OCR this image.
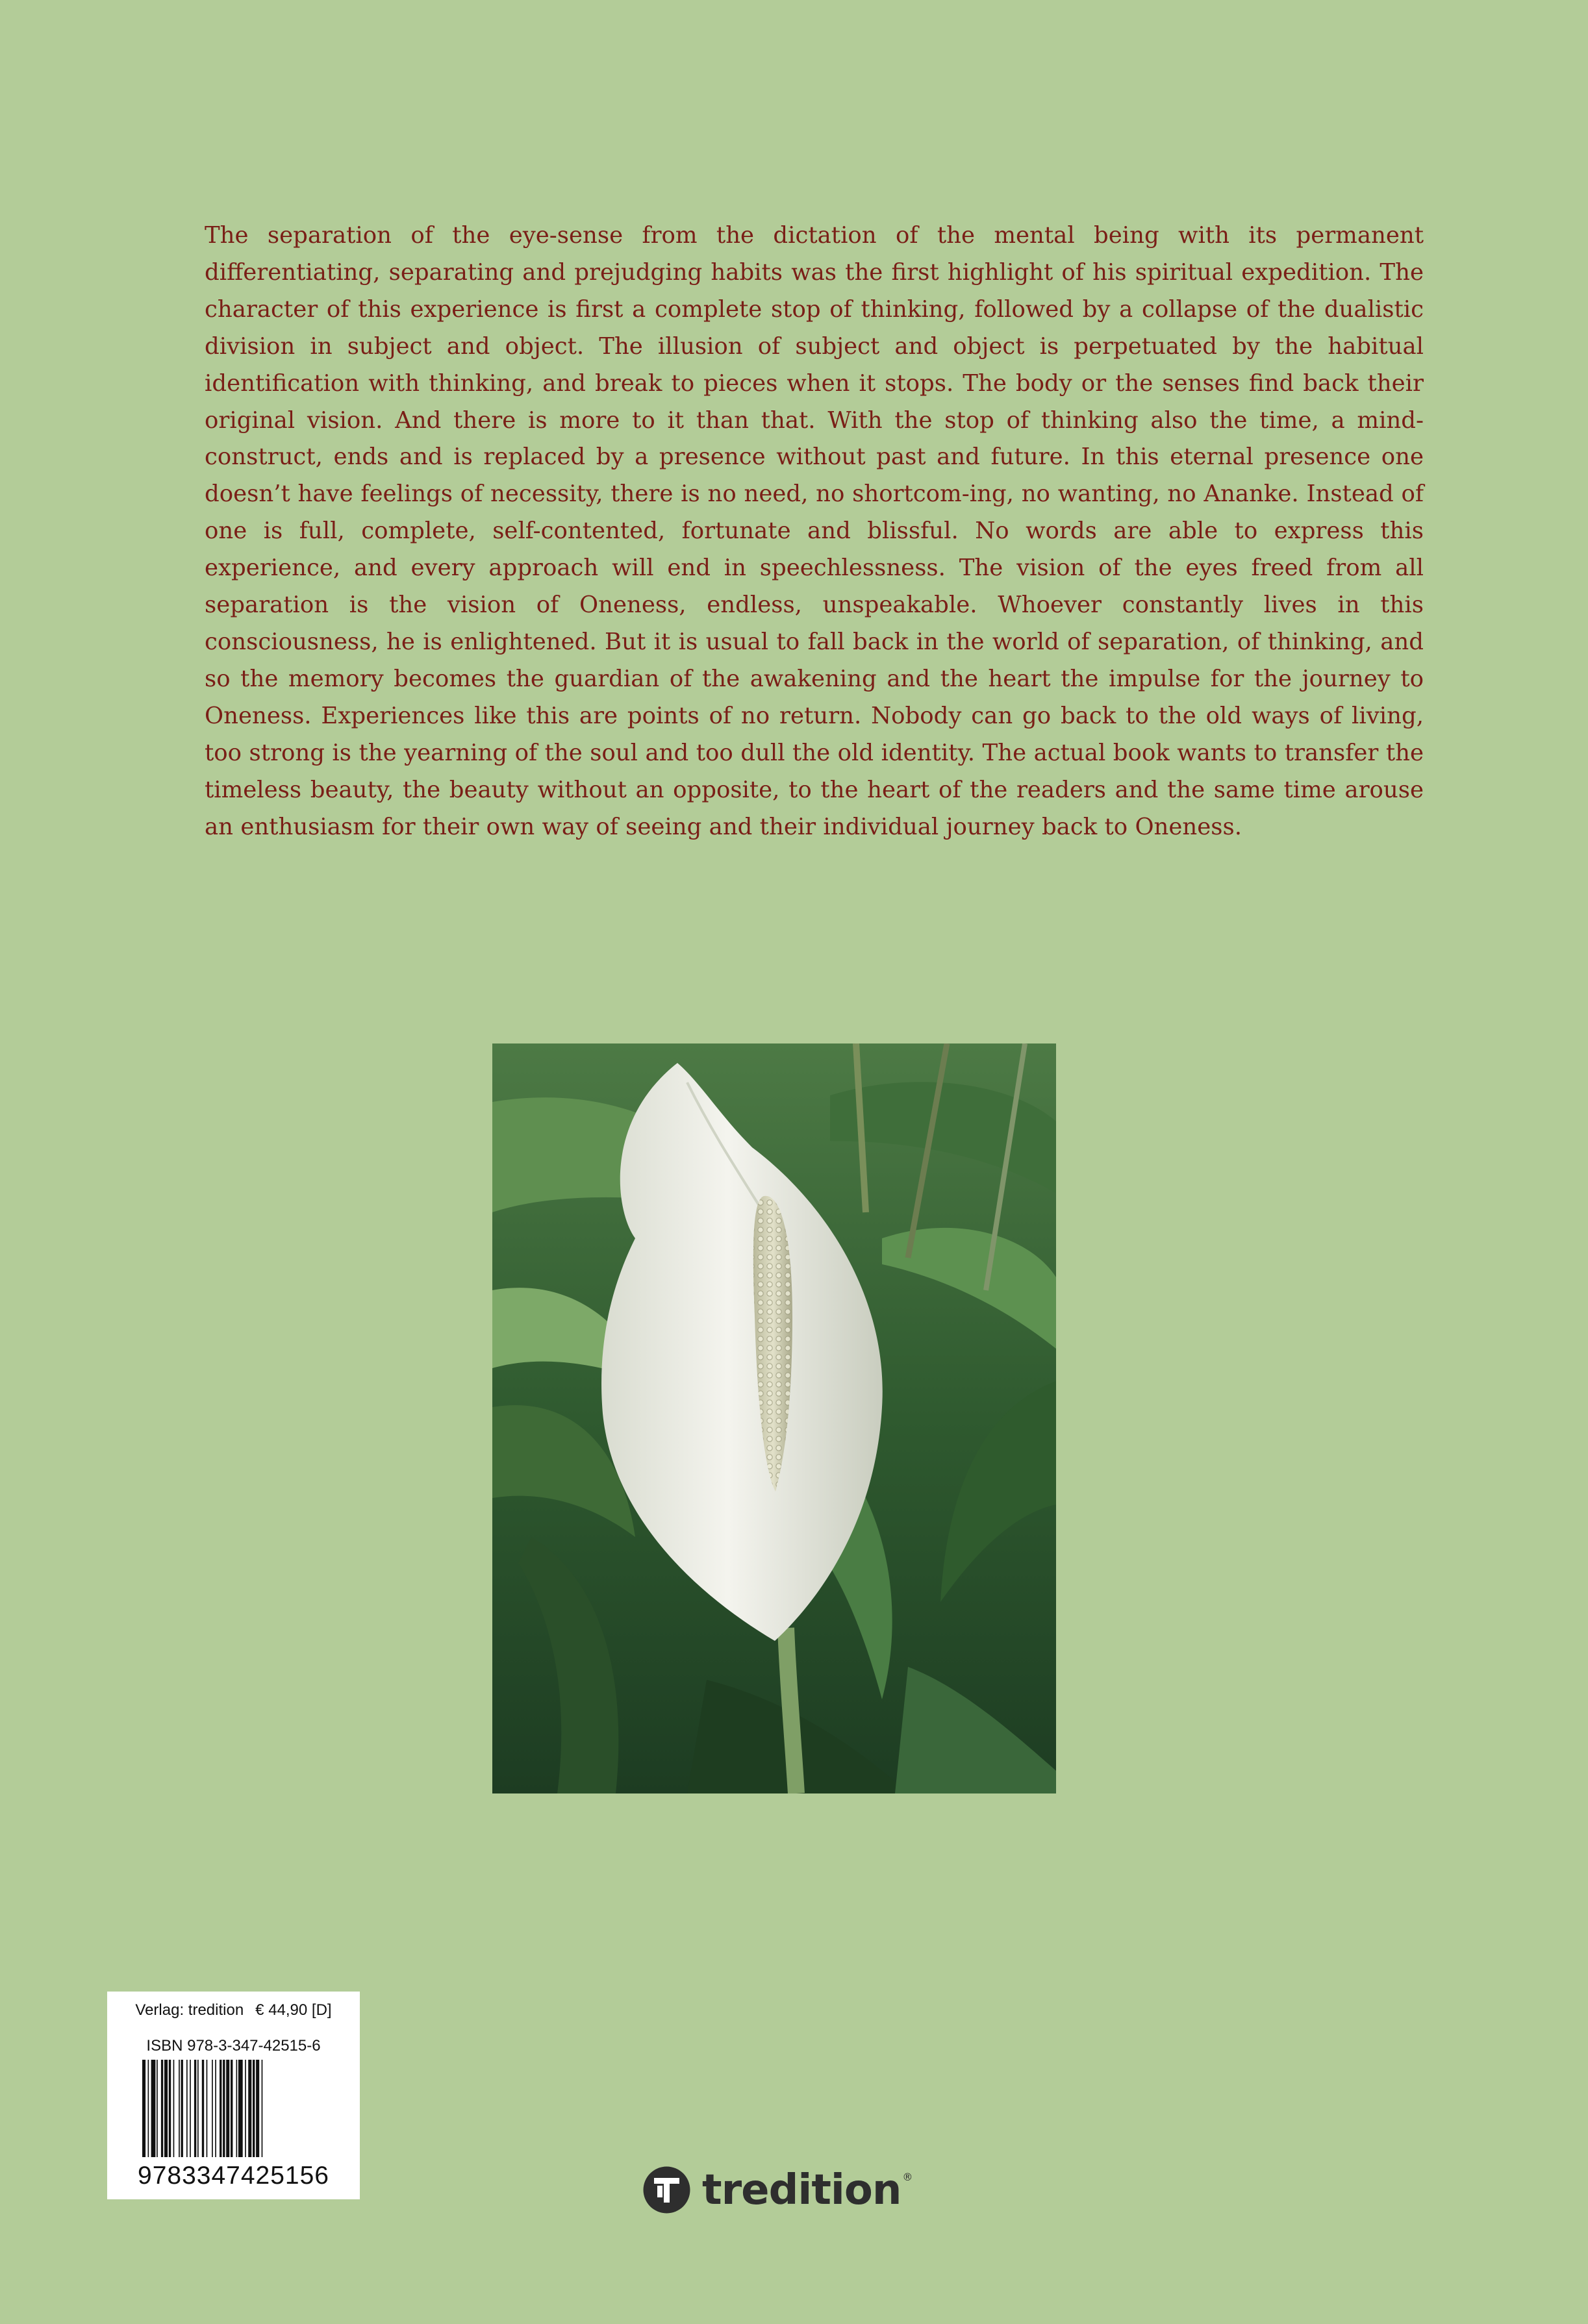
The separation of the eye-sense from the dictation of the mental being with its permanent differentiating, separating and prejudging habits was the first highlight of his spiritual expedition. The character of this experience is first a complete stop of thinking, followed by a collapse of the dualistic division in subject and object. The illusion of subject and object is perpetuated by the habitual identification with thinking, and break to pieces when it stops. The body or the senses find back their original vision. And there is more to it than that. With the stop of thinking also the time, a mind-construct, ends and is replaced by a presence without past and future. In this eternal presence one doesn’t have feelings of necessity, there is no need, no shortcom-ing, no wanting, no Ananke. Instead of one is full, complete, self-contented, fortunate and blissful. No words are able to express this experience, and every approach will end in speechlessness. The vision of the eyes freed from all separation is the vision of Oneness, endless, unspeakable. Whoever constantly lives in this consciousness, he is enlightened. But it is usual to fall back in the world of separation, of thinking, and so the memory becomes the guardian of the awakening and the heart the impulse for the journey to Oneness. Experiences like this are points of no return. Nobody can go back to the old ways of living, too strong is the yearning of the soul and too dull the old identity. The actual book wants to transfer the timeless beauty, the beauty without an opposite, to the heart of the readers and the same time arouse an enthusiasm for their own way of seeing and their individual journey back to Oneness.

Verlag: tredition € 44,90 [D]
ISBN 978-3-347-42515-6
9783347425156	tredition ®
